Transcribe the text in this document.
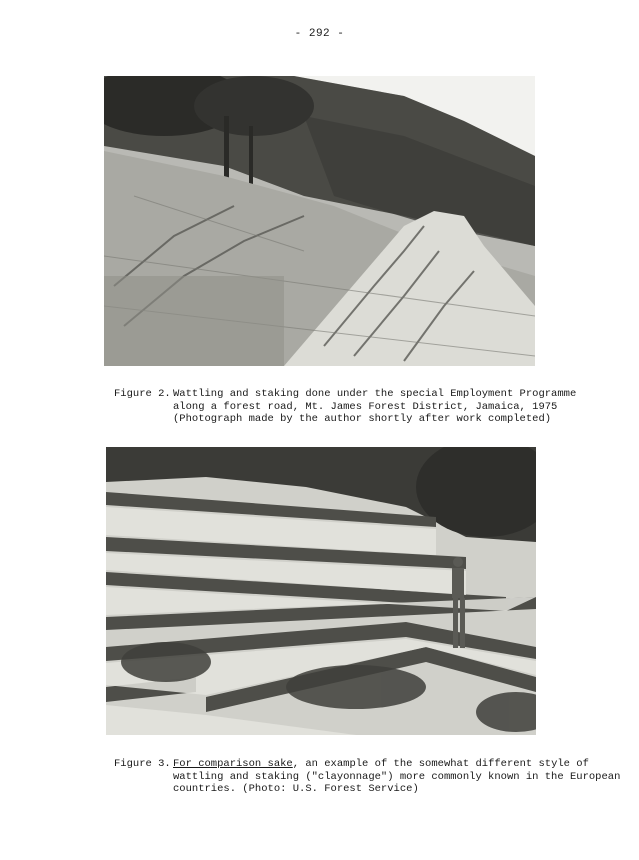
- 292 -
Figure 2. Wattling and staking done under the special Employment Programme
along a forest road, Mt. James Forest District, Jamaica, 1975
(Photograph made by the author shortly after work completed)
Figure 3. For comparison sake, an example of the somewhat different style of
wattling and staking ("clayonnage") more commonly known in the European
countries. (Photo: U.S. Forest Service)
